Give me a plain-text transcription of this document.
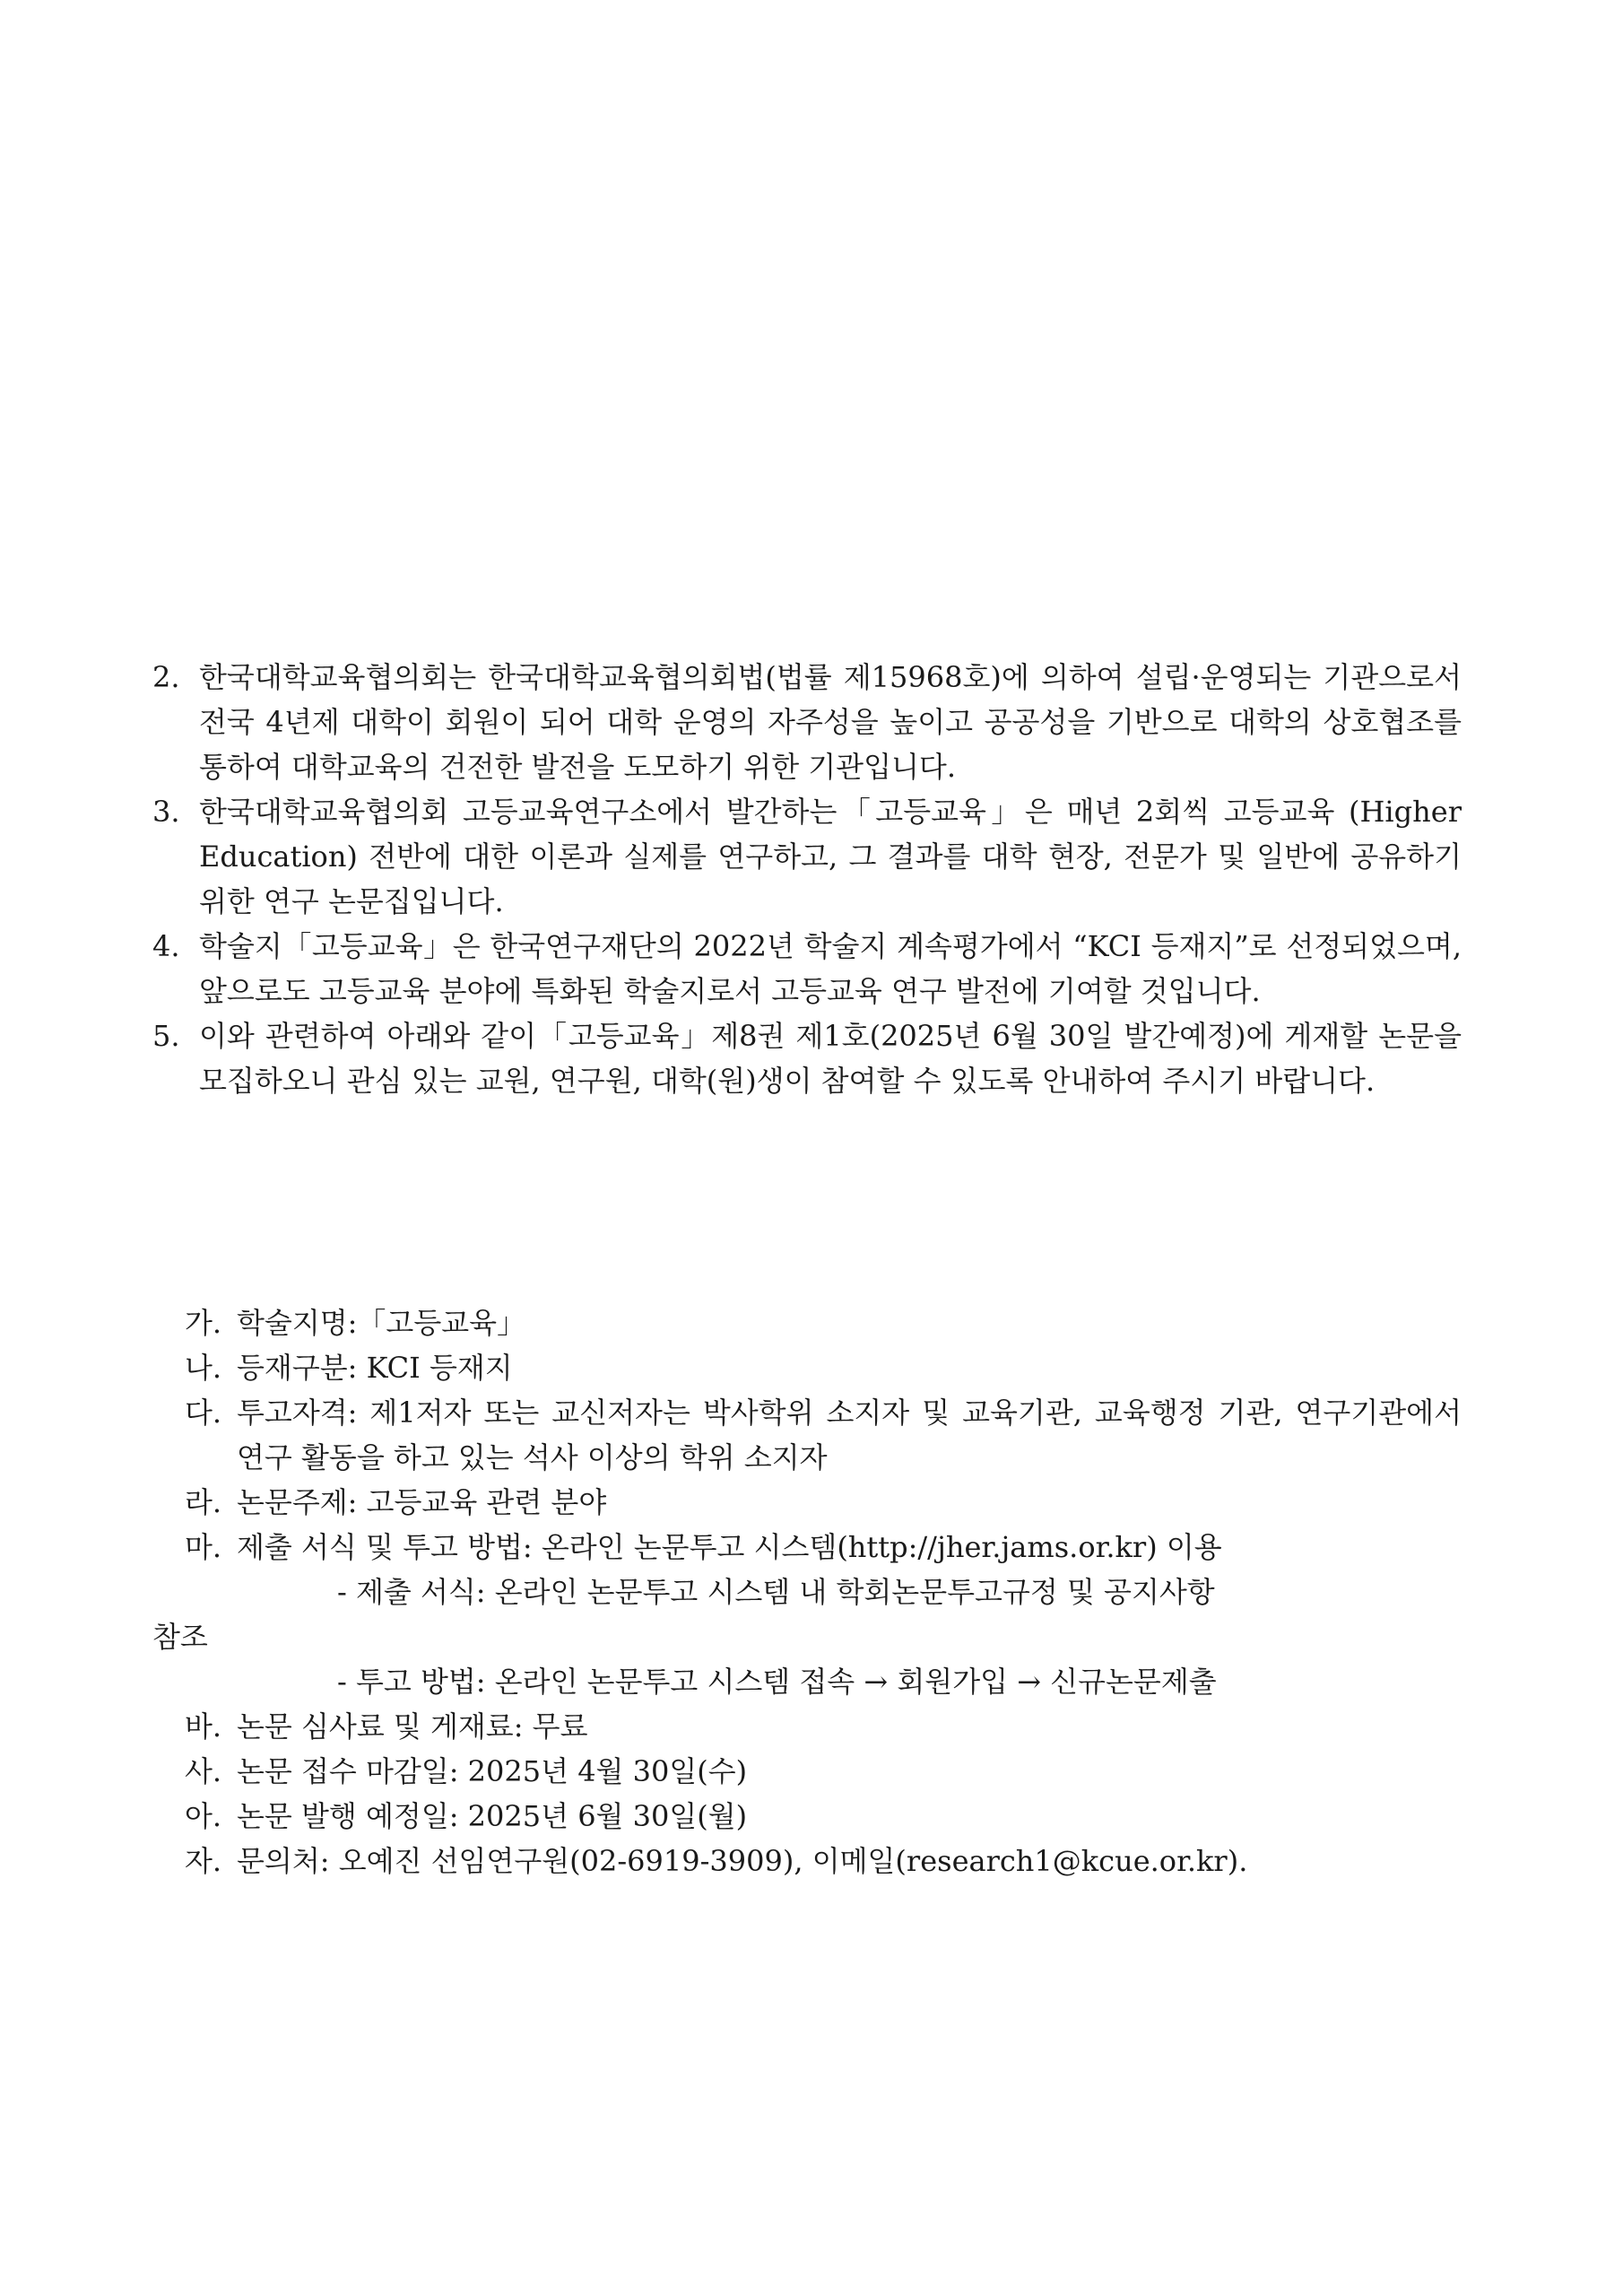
2. 한국대학교육협의회는 한국대학교육협의회법(법률 제15968호)에 의하여 설립·운영되는 기관으로서 전국 4년제 대학이 회원이 되어 대학 운영의 자주성을 높이고 공공성을 기반으로 대학의 상호협조를 통하여 대학교육의 건전한 발전을 도모하기 위한 기관입니다.
3. 한국대학교육협의회 고등교육연구소에서 발간하는「고등교육」은 매년 2회씩 고등교육 (Higher Education) 전반에 대한 이론과 실제를 연구하고, 그 결과를 대학 현장, 전문가 및 일반에 공유하기 위한 연구 논문집입니다.
4. 학술지「고등교육」은 한국연구재단의 2022년 학술지 계속평가에서 “KCI 등재지”로 선정되었으며, 앞으로도 고등교육 분야에 특화된 학술지로서 고등교육 연구 발전에 기여할 것입니다.
5. 이와 관련하여 아래와 같이「고등교육」제8권 제1호(2025년 6월 30일 발간예정)에 게재할 논문을 모집하오니 관심 있는 교원, 연구원, 대학(원)생이 참여할 수 있도록 안내하여 주시기 바랍니다.
가. 학술지명:「고등교육」
나. 등재구분: KCI 등재지
다. 투고자격: 제1저자 또는 교신저자는 박사학위 소지자 및 교육기관, 교육행정 기관, 연구기관에서 연구 활동을 하고 있는 석사 이상의 학위 소지자
라. 논문주제: 고등교육 관련 분야
마. 제출 서식 및 투고 방법: 온라인 논문투고 시스템(http://jher.jams.or.kr) 이용
- 제출 서식: 온라인 논문투고 시스템 내 학회논문투고규정 및 공지사항
참조
- 투고 방법: 온라인 논문투고 시스템 접속 → 회원가입 → 신규논문제출
바. 논문 심사료 및 게재료: 무료
사. 논문 접수 마감일: 2025년 4월 30일(수)
아. 논문 발행 예정일: 2025년 6월 30일(월)
자. 문의처: 오예진 선임연구원(02-6919-3909), 이메일(research1@kcue.or.kr).
